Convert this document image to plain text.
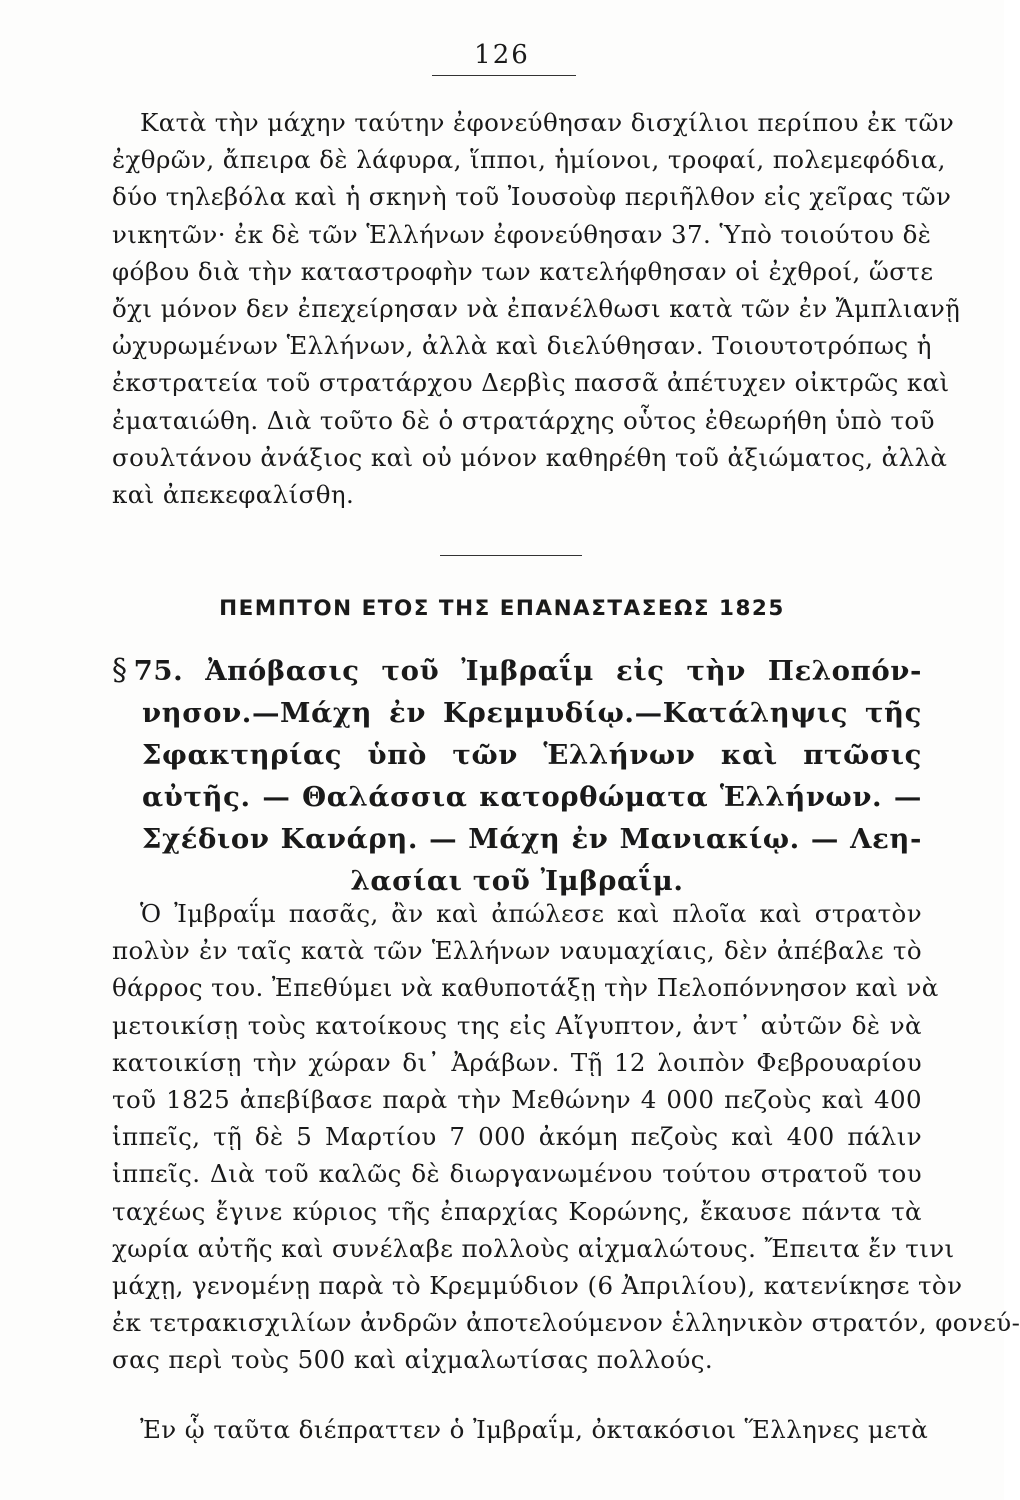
126
Κατὰ τὴν μάχην ταύτην ἐφονεύθησαν δισχίλιοι περίπου ἐκ τῶν
ἐχθρῶν, ἄπειρα δὲ λάφυρα, ἵπποι, ἡμίονοι, τροφαί, πολεμεφόδια,
δύο τηλεβόλα καὶ ἡ σκηνὴ τοῦ Ἰουσοὺφ περιῆλθον εἰς χεῖρας τῶν
νικητῶν· ἐκ δὲ τῶν Ἑλλήνων ἐφονεύθησαν 37. Ὑπὸ τοιούτου δὲ
φόβου διὰ τὴν καταστροφὴν των κατελήφθησαν οἱ ἐχθροί, ὥστε
ὄχι μόνον δεν ἐπεχείρησαν νὰ ἐπανέλθωσι κατὰ τῶν ἐν Ἄμπλιανῇ
ὠχυρωμένων Ἑλλήνων, ἀλλὰ καὶ διελύθησαν. Τοιουτοτρόπως ἡ
ἐκστρατεία τοῦ στρατάρχου Δερβὶς πασσᾶ ἀπέτυχεν οἰκτρῶς καὶ
ἐματαιώθη. Διὰ τοῦτο δὲ ὁ στρατάρχης οὗτος ἐθεωρήθη ὑπὸ τοῦ
σουλτάνου ἀνάξιος καὶ οὐ μόνον καθηρέθη τοῦ ἀξιώματος, ἀλλὰ
καὶ ἀπεκεφαλίσθη.
ΠΕΜΠΤΟΝ ΕΤΟΣ ΤΗΣ ΕΠΑΝΑΣΤΑΣΕΩΣ 1825
§ 75. Ἀπόβασις τοῦ Ἰμβραΐμ εἰς τὴν Πελοπόν-
νησον.—Μάχη ἐν Κρεμμυδίῳ.—Κατάληψις τῆς
Σφακτηρίας ὑπὸ τῶν Ἑλλήνων καὶ πτῶσις
αὐτῆς. — Θαλάσσια κατορθώματα Ἑλλήνων. —
Σχέδιον Κανάρη. — Μάχη ἐν Μανιακίῳ. — Λεη-
λασίαι τοῦ Ἰμβραΐμ.
Ὁ Ἰμβραΐμ πασᾶς, ἂν καὶ ἀπώλεσε καὶ πλοῖα καὶ στρατὸν
πολὺν ἐν ταῖς κατὰ τῶν Ἑλλήνων ναυμαχίαις, δὲν ἀπέβαλε τὸ
θάρρος του. Ἐπεθύμει νὰ καθυποτάξῃ τὴν Πελοπόννησον καὶ νὰ
μετοικίσῃ τοὺς κατοίκους της εἰς Αἴγυπτον, ἀντ᾽ αὐτῶν δὲ νὰ
κατοικίσῃ τὴν χώραν δι᾽ Ἀράβων. Τῇ 12 λοιπὸν Φεβρουαρίου
τοῦ 1825 ἀπεβίβασε παρὰ τὴν Μεθώνην 4 000 πεζοὺς καὶ 400
ἱππεῖς, τῇ δὲ 5 Μαρτίου 7 000 ἀκόμη πεζοὺς καὶ 400 πάλιν
ἱππεῖς. Διὰ τοῦ καλῶς δὲ διωργανωμένου τούτου στρατοῦ του
ταχέως ἔγινε κύριος τῆς ἐπαρχίας Κορώνης, ἔκαυσε πάντα τὰ
χωρία αὐτῆς καὶ συνέλαβε πολλοὺς αἰχμαλώτους. Ἔπειτα ἔν τινι
μάχῃ, γενομένῃ παρὰ τὸ Κρεμμύδιον (6 Ἀπριλίου), κατενίκησε τὸν
ἐκ τετρακισχιλίων ἀνδρῶν ἀποτελούμενον ἑλληνικὸν στρατόν, φονεύ-
σας περὶ τοὺς 500 καὶ αἰχμαλωτίσας πολλούς.
Ἐν ᾧ ταῦτα διέπραττεν ὁ Ἰμβραΐμ, ὀκτακόσιοι Ἕλληνες μετὰ
